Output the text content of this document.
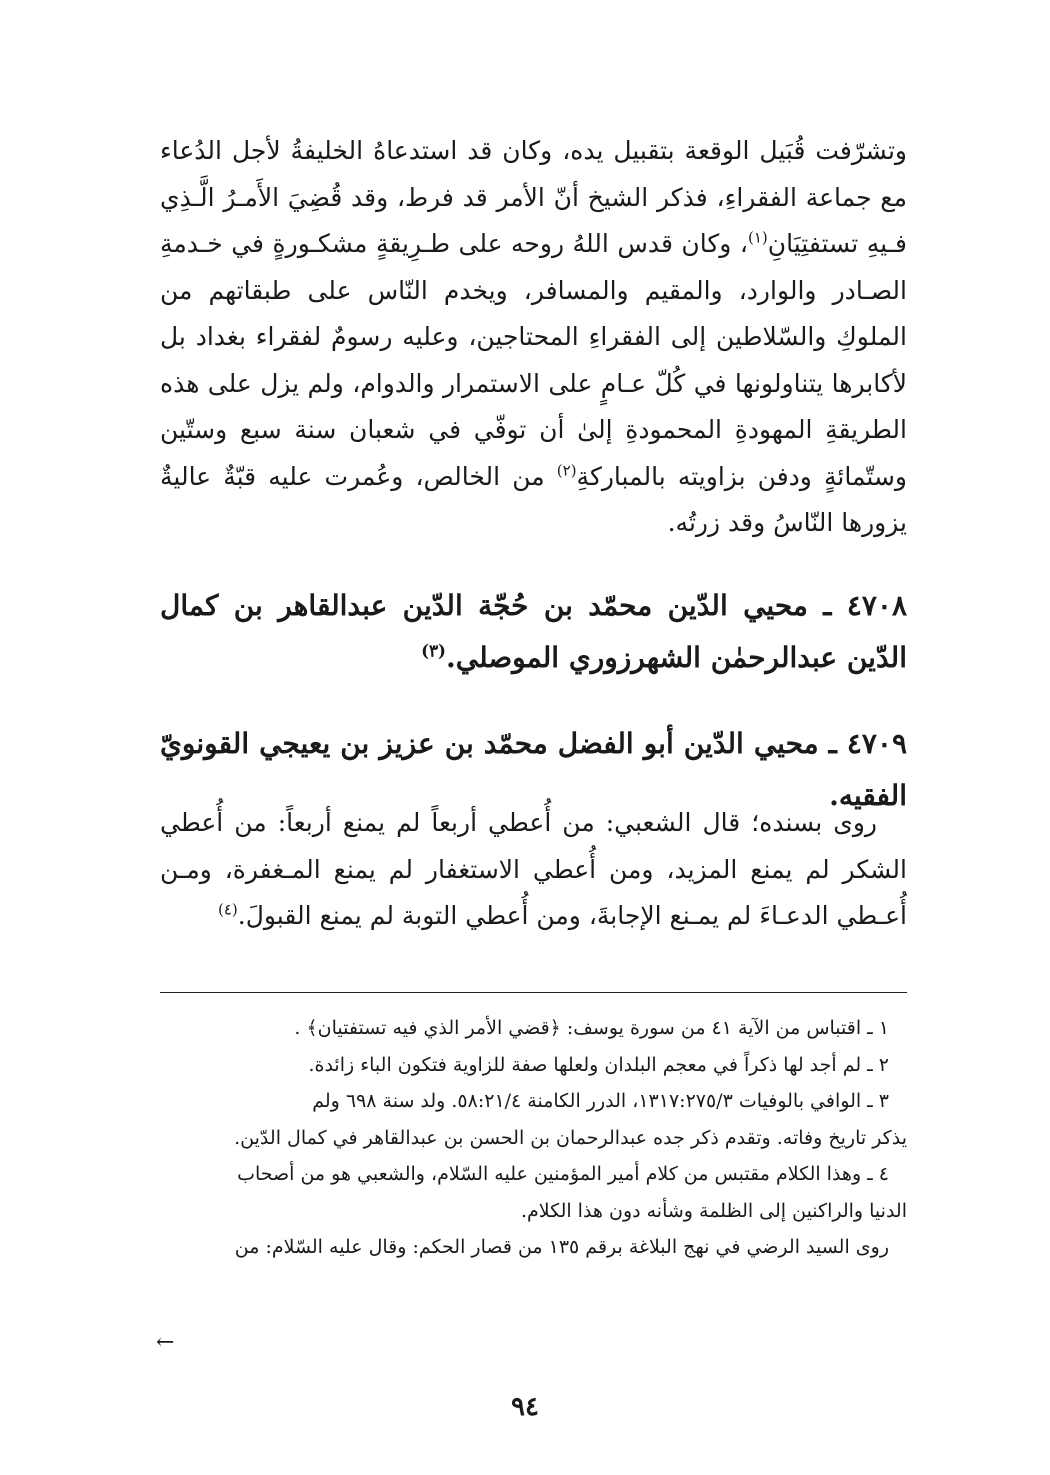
وتشرّفت قُبَيل الوقعة بتقبيل يده، وكان قد استدعاهُ الخليفةُ لأجل الدُعاء مع جماعة الفقراءِ، فذكر الشيخ أنّ الأمر قد فرط، وقد قُضِيَ الأَمـرُ الَّـذِي فـيهِ تستفتِيَانِ$^{(١)}$، وكان قدس اللهُ روحه على طـرِيقةٍ مشكـورةٍ في خـدمةِ الصـادر والوارد، والمقيم والمسافر، ويخدم النّاس على طبقاتهم من الملوكِ والسّلاطين إلى الفقراءِ المحتاجين، وعليه رسومٌ لفقراء بغداد بل لأكابرها يتناولونها في كُلّ عـامٍ على الاستمرار والدوام، ولم يزل على هذه الطريقةِ المهودةِ المحمودةِ إلىٰ أن توفّي في شعبان سنة سبع وستّين وستّمائةٍ ودفن بزاويته بالمباركةِ$^{(٢)}$ من الخالص، وعُمرت عليه قبّةٌ عاليةٌ يزورها النّاسُ وقد زرتُه.

٤٧٠٨ ـ محيي الدّين محمّد بن حُجّة الدّين عبدالقاهر بن كمال الدّين عبدالرحمٰن الشهرزوري الموصلي.$^{(٣)}$

٤٧٠٩ ـ محيي الدّين أبو الفضل محمّد بن عزيز بن يعيجي القونويّ الفقيه.

روى بسنده؛ قال الشعبي: من أُعطي أربعاً لم يمنع أربعاً: من أُعطي الشكر لم يمنع المزيد، ومن أُعطي الاستغفار لم يمنع المـغفرة، ومـن أُعـطي الدعـاءَ لم يمـنع الإجابةَ، ومن أُعطي التوبة لم يمنع القبولَ.$^{(٤)}$

١ ـ اقتباس من الآية ٤١ من سورة يوسف: ﴿قضي الأمر الذي فيه تستفتيان﴾ .
٢ ـ لم أجد لها ذكراً في معجم البلدان ولعلها صفة للزاوية فتكون الباء زائدة.
٣ ـ الوافي بالوفيات ١٣١٧:٢٧٥/٣، الدرر الكامنة ٥٨:٢١/٤. ولد سنة ٦٩٨ ولم
يذكر تاريخ وفاته. وتقدم ذكر جده عبدالرحمان بن الحسن بن عبدالقاهر في كمال الدّين.
٤ ـ وهذا الكلام مقتبس من كلام أمير المؤمنين عليه السّلام، والشعبي هو من أصحاب
الدنيا والراكنين إلى الظلمة وشأنه دون هذا الكلام.
روى السيد الرضي في نهج البلاغة برقم ١٣٥ من قصار الحكم: وقال عليه السّلام: من
←
٩٤
